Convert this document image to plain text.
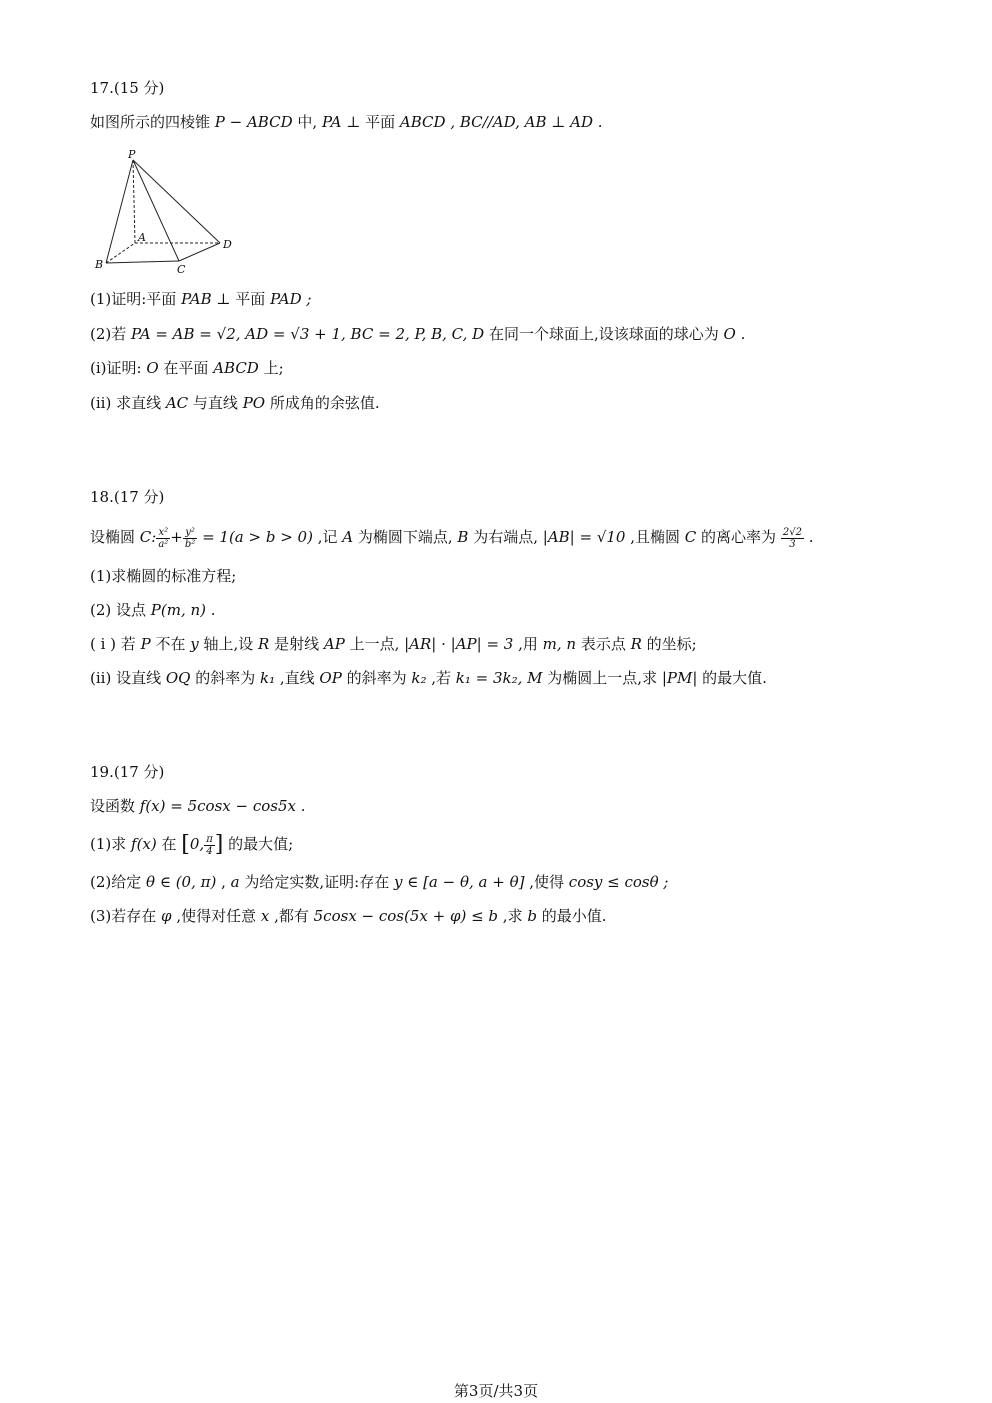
17.(15 分)
如图所示的四棱锥 P − ABCD 中, PA ⊥ 平面 ABCD , BC//AD, AB ⊥ AD .
P
A
B	C
D
(1)证明:平面 PAB ⊥ 平面 PAD ;
(2)若 PA = AB = √2, AD = √3 + 1, BC = 2, P, B, C, D 在同一个球面上,设该球面的球心为 O .
(i)证明: O 在平面 ABCD 上;
(ii) 求直线 AC 与直线 PO 所成角的余弦值.
18.(17 分)
设椭圆 C: $\frac{\text{x²}}{\text{a²}} + \frac{\text{y²}}{\text{b²}} = 1(a > b > 0)$ ,记 A 为椭圆下端点, B 为右端点, |AB| = √10 ,且椭圆 C 的离心率为 $\frac{2√2}{3}$ .
(1)求椭圆的标准方程;
(2) 设点 P(m, n) .
( i ) 若 P 不在 y 轴上,设 R 是射线 AP 上一点, |AR| · |AP| = 3 ,用 m, n 表示点 R 的坐标;
(ii) 设直线 OQ 的斜率为 k₁ ,直线 OP 的斜率为 k₂ ,若 k₁ = 3k₂, M 为椭圆上一点,求 |PM| 的最大值.
19.(17 分)
设函数 f(x) = 5cosx − cos5x .
(1)求 f(x) 在 [0, $\frac{\pi}{4}$ ] 的最大值;
(2)给定 θ ∈ (0, π) , a 为给定实数,证明:存在 y ∈ [a − θ, a + θ] ,使得 cosy ≤ cosθ ;
(3)若存在 φ ,使得对任意 x ,都有 5cosx − cos(5x + φ) ≤ b ,求 b 的最小值.
第3页/共3页
